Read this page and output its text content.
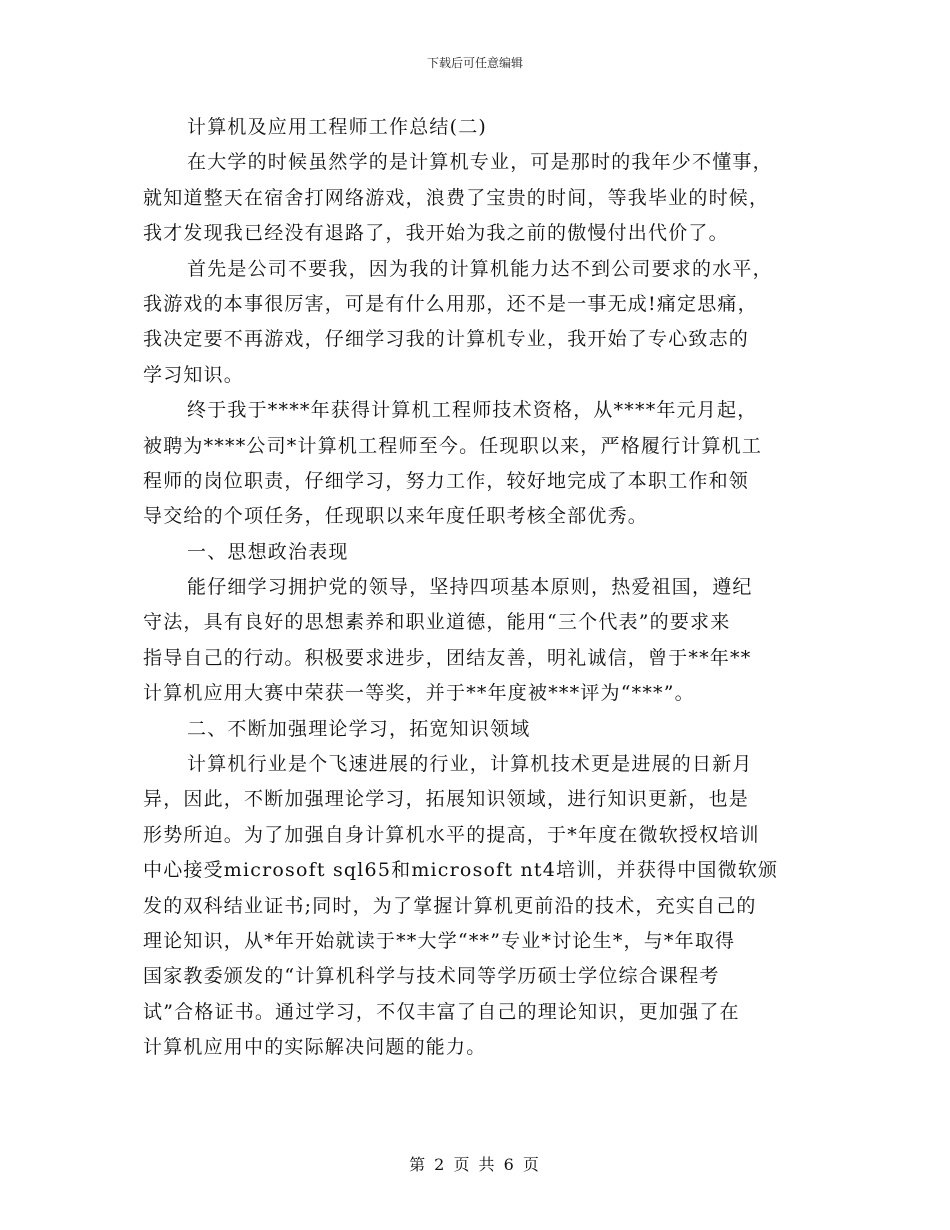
下载后可任意编辑
计算机及应用工程师工作总结(二)
在大学的时候虽然学的是计算机专业，可是那时的我年少不懂事，
就知道整天在宿舍打网络游戏，浪费了宝贵的时间，等我毕业的时候，
我才发现我已经没有退路了，我开始为我之前的傲慢付出代价了。
首先是公司不要我，因为我的计算机能力达不到公司要求的水平，
我游戏的本事很厉害，可是有什么用那，还不是一事无成!痛定思痛，
我决定要不再游戏，仔细学习我的计算机专业，我开始了专心致志的
学习知识。
终于我于****年获得计算机工程师技术资格，从****年元月起，
被聘为****公司*计算机工程师至今。任现职以来，严格履行计算机工
程师的岗位职责，仔细学习，努力工作，较好地完成了本职工作和领
导交给的个项任务，任现职以来年度任职考核全部优秀。
一、思想政治表现
能仔细学习拥护党的领导，坚持四项基本原则，热爱祖国，遵纪
守法，具有良好的思想素养和职业道德，能用“三个代表”的要求来
指导自己的行动。积极要求进步，团结友善，明礼诚信，曾于**年**
计算机应用大赛中荣获一等奖，并于**年度被***评为“***”。
二、不断加强理论学习，拓宽知识领域
计算机行业是个飞速进展的行业，计算机技术更是进展的日新月
异，因此，不断加强理论学习，拓展知识领域，进行知识更新，也是
形势所迫。为了加强自身计算机水平的提高，于*年度在微软授权培训
中心接受microsoft sql65和microsoft nt4培训，并获得中国微软颁
发的双科结业证书;同时，为了掌握计算机更前沿的技术，充实自己的
理论知识，从*年开始就读于**大学“**”专业*讨论生*，与*年取得
国家教委颁发的“计算机科学与技术同等学历硕士学位综合课程考
试”合格证书。通过学习，不仅丰富了自己的理论知识，更加强了在
计算机应用中的实际解决问题的能力。
第 2 页 共 6 页
